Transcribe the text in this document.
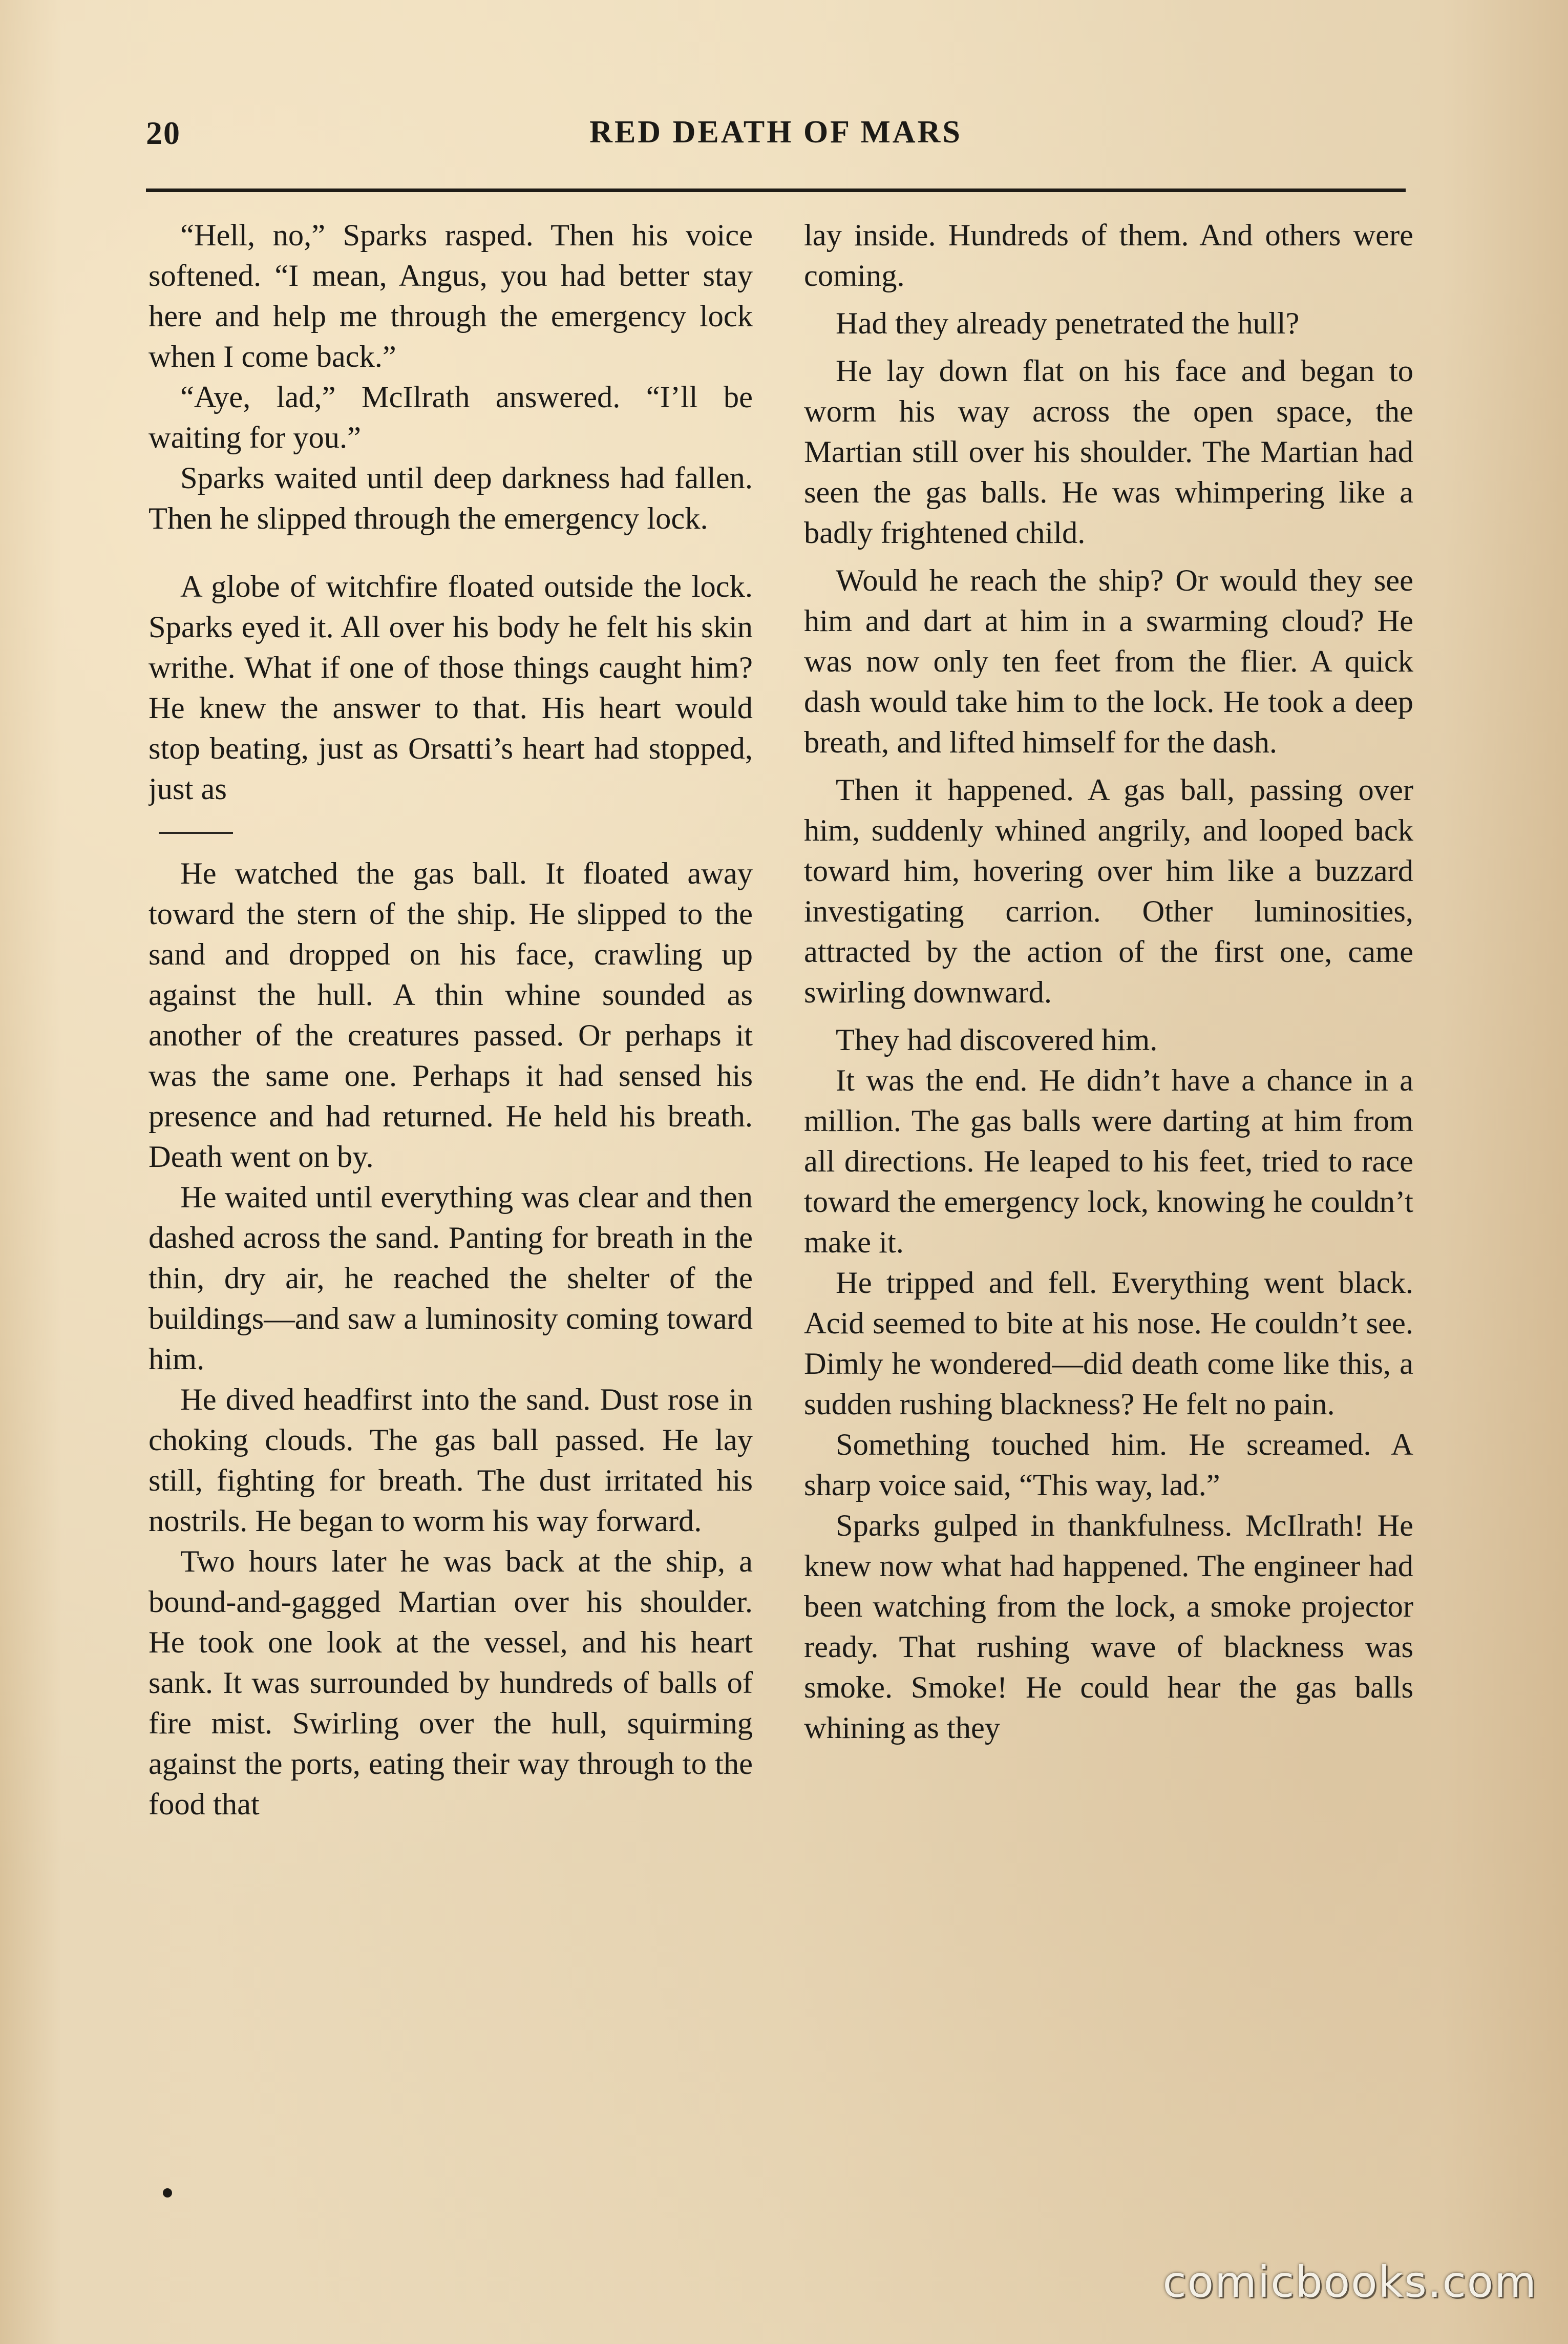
20	RED DEATH OF MARS

“Hell, no,” Sparks rasped. Then his voice softened. “I mean, Angus, you had better stay here and help me through the emergency lock when I come back.”

“Aye, lad,” McIlrath answered. “I’ll be waiting for you.”

Sparks waited until deep darkness had fallen. Then he slipped through the emergency lock.

A globe of witchfire floated outside the lock. Sparks eyed it. All over his body he felt his skin writhe. What if one of those things caught him? He knew the answer to that. His heart would stop beating, just as Orsatti’s heart had stopped, just as

He watched the gas ball. It floated away toward the stern of the ship. He slipped to the sand and dropped on his face, crawling up against the hull. A thin whine sounded as another of the creatures passed. Or perhaps it was the same one. Perhaps it had sensed his presence and had returned. He held his breath. Death went on by.

He waited until everything was clear and then dashed across the sand. Panting for breath in the thin, dry air, he reached the shelter of the buildings—and saw a luminosity coming toward him.

He dived headfirst into the sand. Dust rose in choking clouds. The gas ball passed. He lay still, fighting for breath. The dust irritated his nostrils. He began to worm his way forward.

Two hours later he was back at the ship, a bound-and-gagged Martian over his shoulder. He took one look at the vessel, and his heart sank. It was surrounded by hundreds of balls of fire mist. Swirling over the hull, squirming against the ports, eating their way through to the food that

lay inside. Hundreds of them. And others were coming.

Had they already penetrated the hull?

He lay down flat on his face and began to worm his way across the open space, the Martian still over his shoulder. The Martian had seen the gas balls. He was whimpering like a badly frightened child.

Would he reach the ship? Or would they see him and dart at him in a swarming cloud? He was now only ten feet from the flier. A quick dash would take him to the lock. He took a deep breath, and lifted himself for the dash.

Then it happened. A gas ball, passing over him, suddenly whined angrily, and looped back toward him, hovering over him like a buzzard investigating carrion. Other luminosities, attracted by the action of the first one, came swirling downward.

They had discovered him.

It was the end. He didn’t have a chance in a million. The gas balls were darting at him from all directions. He leaped to his feet, tried to race toward the emergency lock, knowing he couldn’t make it.

He tripped and fell. Everything went black. Acid seemed to bite at his nose. He couldn’t see. Dimly he wondered—did death come like this, a sudden rushing blackness? He felt no pain.

Something touched him. He screamed. A sharp voice said, “This way, lad.”

Sparks gulped in thankfulness. McIlrath! He knew now what had happened. The engineer had been watching from the lock, a smoke projector ready. That rushing wave of blackness was smoke. Smoke! He could hear the gas balls whining as they

comicbooks.com
